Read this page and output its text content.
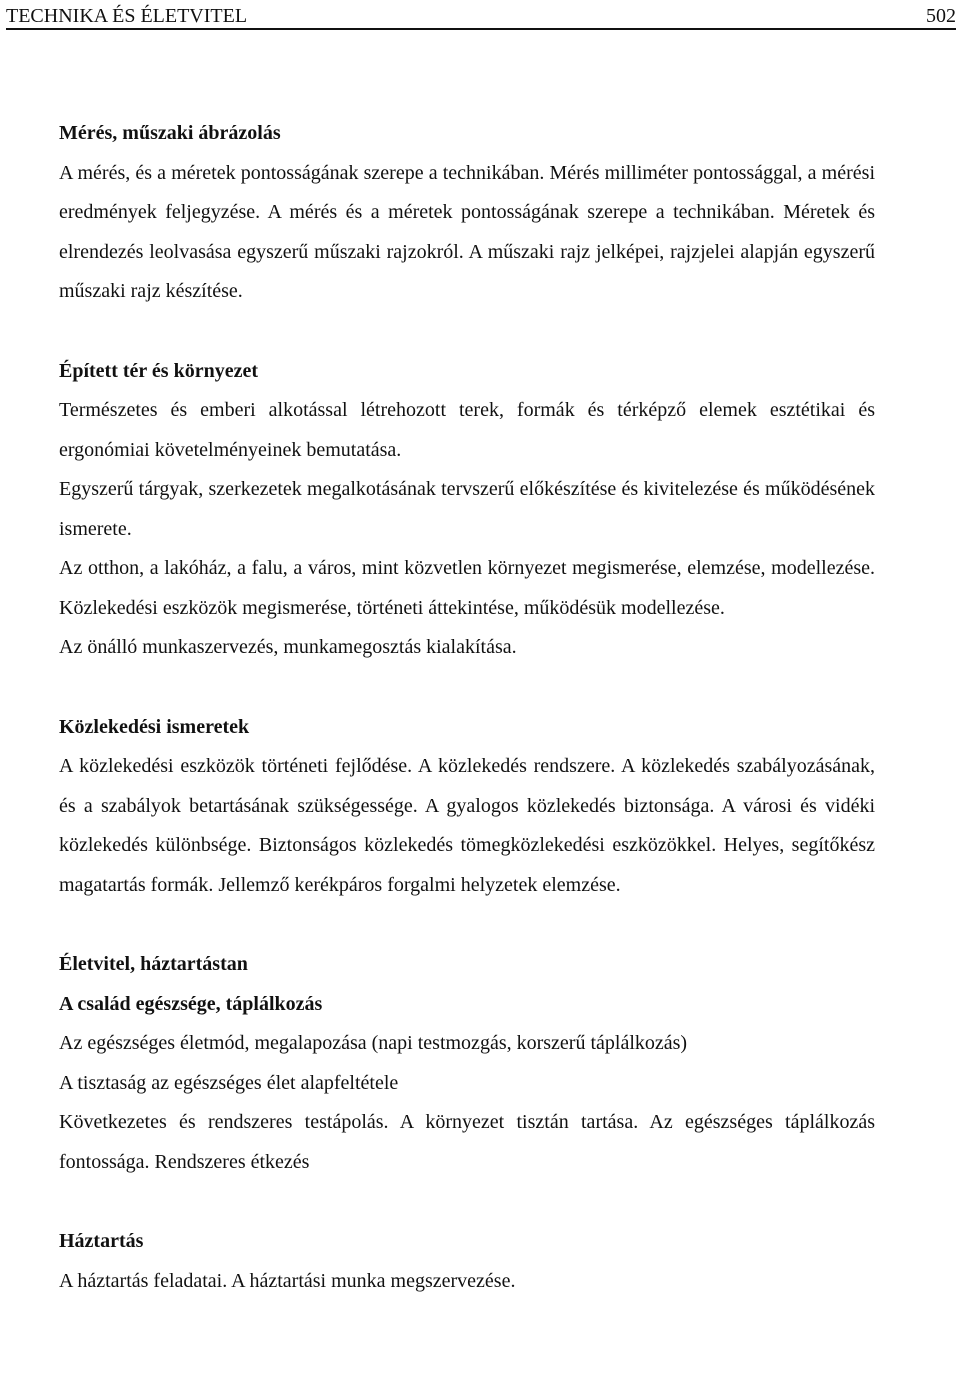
TECHNIKA ÉS ÉLETVITEL	502

Mérés, műszaki ábrázolás

A mérés, és a méretek pontosságának szerepe a technikában. Mérés milliméter pontossággal, a mérési eredmények feljegyzése. A mérés és a méretek pontosságának szerepe a technikában. Méretek és elrendezés leolvasása egyszerű műszaki rajzokról. A műszaki rajz jelképei, rajzjelei alapján egyszerű műszaki rajz készítése.

Épített tér és környezet

Természetes és emberi alkotással létrehozott terek, formák és térképző elemek esztétikai és ergonómiai követelményeinek bemutatása.

Egyszerű tárgyak, szerkezetek megalkotásának tervszerű előkészítése és kivitelezése és működésének ismerete.

Az otthon, a lakóház, a falu, a város, mint közvetlen környezet megismerése, elemzése, modellezése. Közlekedési eszközök megismerése, történeti áttekintése, működésük modellezése.

Az önálló munkaszervezés, munkamegosztás kialakítása.

Közlekedési ismeretek

A közlekedési eszközök történeti fejlődése. A közlekedés rendszere. A közlekedés szabályozásának, és a szabályok betartásának szükségessége. A gyalogos közlekedés biztonsága. A városi és vidéki közlekedés különbsége. Biztonságos közlekedés tömegközlekedési eszközökkel. Helyes, segítőkész magatartás formák. Jellemző kerékpáros forgalmi helyzetek elemzése.

Életvitel, háztartástan

A család egészsége, táplálkozás

Az egészséges életmód, megalapozása (napi testmozgás, korszerű táplálkozás)

A tisztaság az egészséges élet alapfeltétele

Következetes és rendszeres testápolás. A környezet tisztán tartása. Az egészséges táplálkozás fontossága. Rendszeres étkezés

Háztartás

A háztartás feladatai. A háztartási munka megszervezése.
